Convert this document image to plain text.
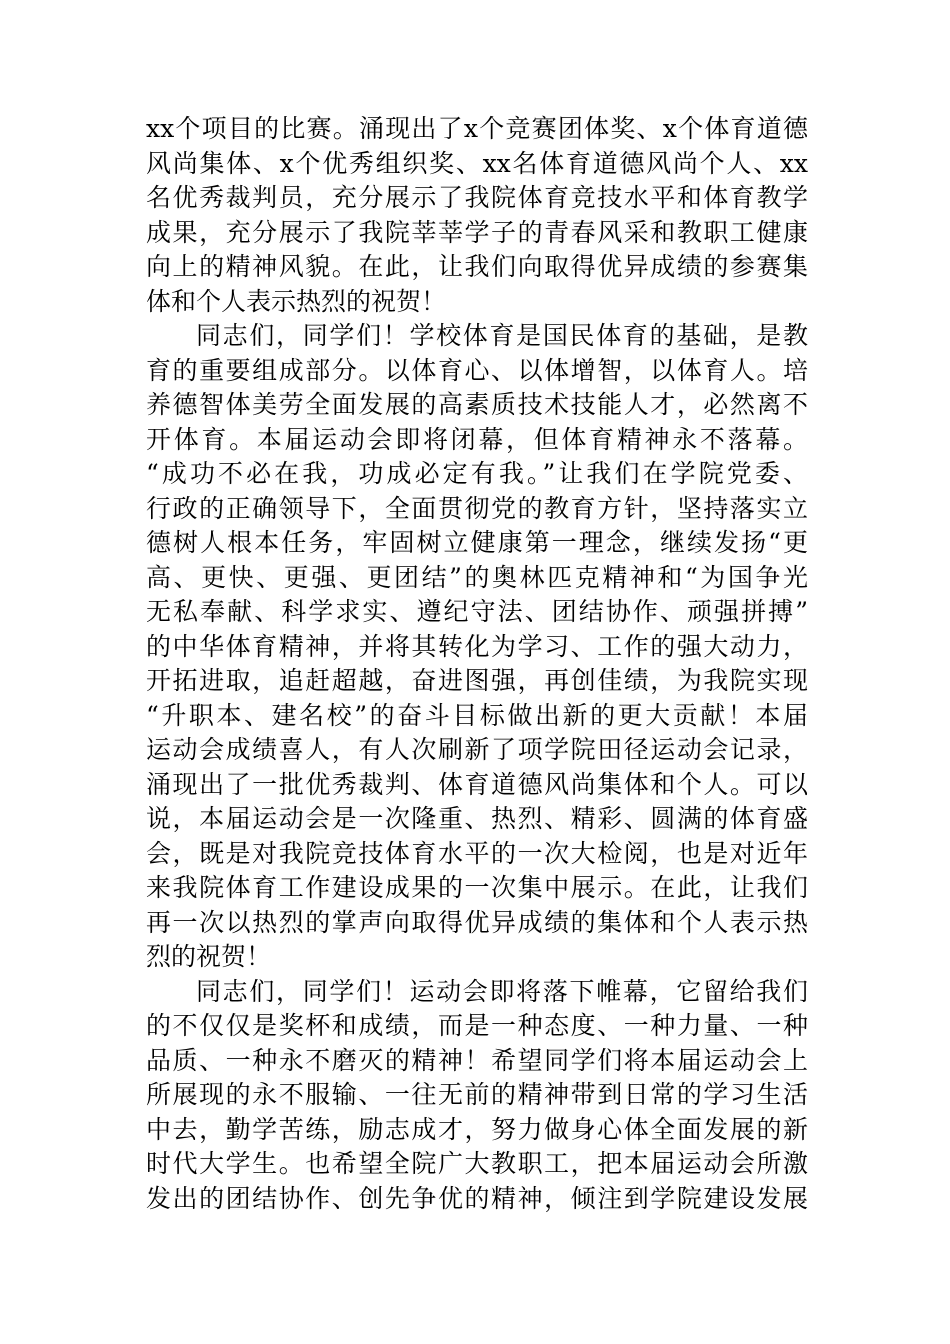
xx个项目的比赛。涌现出了x个竞赛团体奖、x个体育道德
风尚集体、x个优秀组织奖、xx名体育道德风尚个人、xx
名优秀裁判员，充分展示了我院体育竞技水平和体育教学
成果，充分展示了我院莘莘学子的青春风采和教职工健康
向上的精神风貌。在此，让我们向取得优异成绩的参赛集
体和个人表示热烈的祝贺！
同志们，同学们！学校体育是国民体育的基础，是教
育的重要组成部分。以体育心、以体增智，以体育人。培
养德智体美劳全面发展的高素质技术技能人才，必然离不
开体育。本届运动会即将闭幕，但体育精神永不落幕。
“成功不必在我，功成必定有我。”让我们在学院党委、
行政的正确领导下，全面贯彻党的教育方针，坚持落实立
德树人根本任务，牢固树立健康第一理念，继续发扬“更
高、更快、更强、更团结”的奥林匹克精神和“为国争光
无私奉献、科学求实、遵纪守法、团结协作、顽强拼搏”
的中华体育精神，并将其转化为学习、工作的强大动力，
开拓进取，追赶超越，奋进图强，再创佳绩，为我院实现
“升职本、建名校”的奋斗目标做出新的更大贡献！本届
运动会成绩喜人，有人次刷新了项学院田径运动会记录，
涌现出了一批优秀裁判、体育道德风尚集体和个人。可以
说，本届运动会是一次隆重、热烈、精彩、圆满的体育盛
会，既是对我院竞技体育水平的一次大检阅，也是对近年
来我院体育工作建设成果的一次集中展示。在此，让我们
再一次以热烈的掌声向取得优异成绩的集体和个人表示热
烈的祝贺！
同志们，同学们！运动会即将落下帷幕，它留给我们
的不仅仅是奖杯和成绩，而是一种态度、一种力量、一种
品质、一种永不磨灭的精神！希望同学们将本届运动会上
所展现的永不服输、一往无前的精神带到日常的学习生活
中去，勤学苦练，励志成才，努力做身心体全面发展的新
时代大学生。也希望全院广大教职工，把本届运动会所激
发出的团结协作、创先争优的精神，倾注到学院建设发展
